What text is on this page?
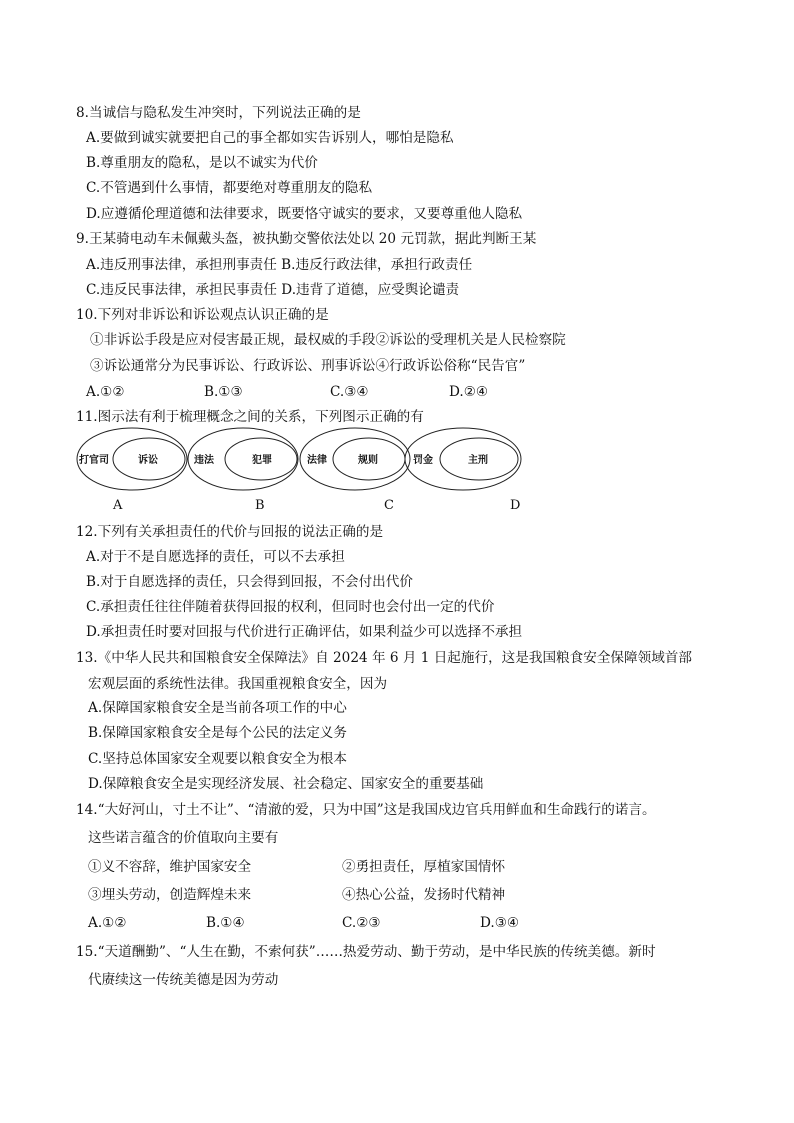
8.当诚信与隐私发生冲突时，下列说法正确的是
A.要做到诚实就要把自己的事全都如实告诉别人，哪怕是隐私
B.尊重朋友的隐私，是以不诚实为代价
C.不管遇到什么事情，都要绝对尊重朋友的隐私
D.应遵循伦理道德和法律要求，既要恪守诚实的要求，又要尊重他人隐私
9.王某骑电动车未佩戴头盔，被执勤交警依法处以 20 元罚款，据此判断王某
A.违反刑事法律，承担刑事责任 B.违反行政法律，承担行政责任
C.违反民事法律，承担民事责任 D.违背了道德，应受舆论谴责
10.下列对非诉讼和诉讼观点认识正确的是
①非诉讼手段是应对侵害最正规，最权威的手段②诉讼的受理机关是人民检察院
③诉讼通常分为民事诉讼、行政诉讼、刑事诉讼④行政诉讼俗称“民告官”
A.①②	B.①③	C.③④	D.②④
11.图示法有利于梳理概念之间的关系，下列图示正确的有
打官司	诉讼	违法	犯罪	法律	规则	罚金	主刑
A	B	C	D
12.下列有关承担责任的代价与回报的说法正确的是
A.对于不是自愿选择的责任，可以不去承担
B.对于自愿选择的责任，只会得到回报，不会付出代价
C.承担责任往往伴随着获得回报的权利，但同时也会付出一定的代价
D.承担责任时要对回报与代价进行正确评估，如果利益少可以选择不承担
13.《中华人民共和国粮食安全保障法》自 2024 年 6 月 1 日起施行，这是我国粮食安全保障领域首部
宏观层面的系统性法律。我国重视粮食安全，因为
A.保障国家粮食安全是当前各项工作的中心
B.保障国家粮食安全是每个公民的法定义务
C.坚持总体国家安全观要以粮食安全为根本
D.保障粮食安全是实现经济发展、社会稳定、国家安全的重要基础
14.“大好河山，寸土不让”、“清澈的爱，只为中国”这是我国戍边官兵用鲜血和生命践行的诺言。
这些诺言蕴含的价值取向主要有
①义不容辞，维护国家安全	②勇担责任，厚植家国情怀
③埋头劳动，创造辉煌未来	④热心公益，发扬时代精神
A.①②	B.①④	C.②③	D.③④
15.“天道酬勤”、“人生在勤，不索何获”……热爱劳动、勤于劳动，是中华民族的传统美德。新时
代赓续这一传统美德是因为劳动
